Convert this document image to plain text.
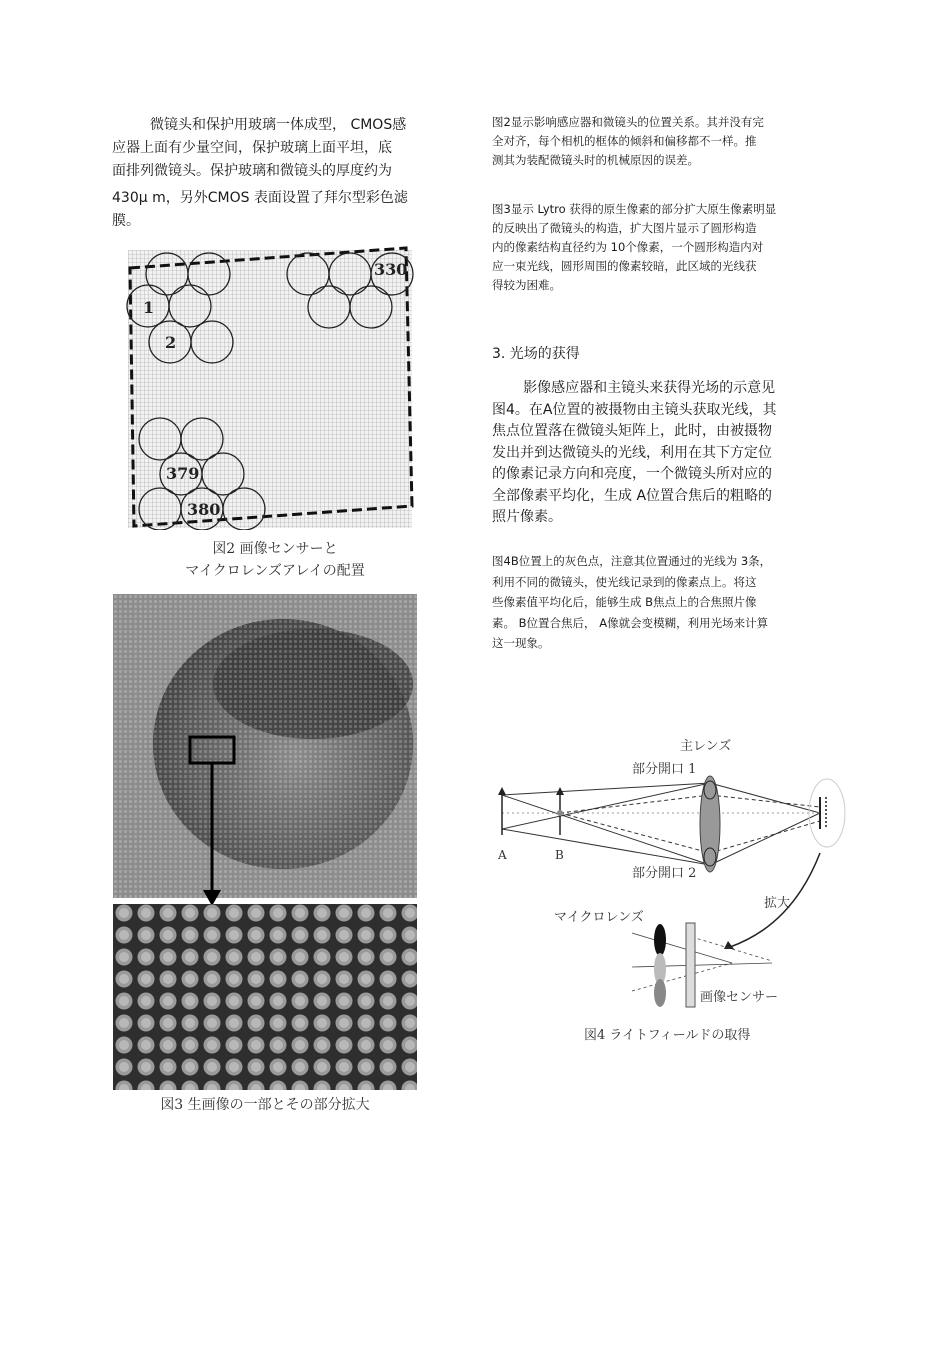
微镜头和保护用玻璃一体成型， CMOS感
应器上面有少量空间，保护玻璃上面平坦，底
面排列微镜头。保护玻璃和微镜头的厚度约为
430μ m，另外CMOS 表面设置了拜尔型彩色滤
膜。
1
2
330
379
380
図2 画像センサーと
マイクロレンズアレイの配置
図3 生画像の一部とその部分拡大
图2显示影响感应器和微镜头的位置关系。其并没有完
全对齐，每个相机的框体的倾斜和偏移都不一样。推
测其为装配微镜头时的机械原因的误差。
图3显示 Lytro 获得的原生像素的部分扩大原生像素明显
的反映出了微镜头的构造，扩大图片显示了圆形构造
内的像素结构直径约为 10个像素，一个圆形构造内对
应一束光线，圆形周围的像素较暗，此区域的光线获
得较为困难。
3. 光场的获得
影像感应器和主镜头来获得光场的示意见
图4。在A位置的被摄物由主镜头获取光线，其
焦点位置落在微镜头矩阵上，此时，由被摄物
发出并到达微镜头的光线，利用在其下方定位
的像素记录方向和亮度，一个微镜头所对应的
全部像素平均化，生成 A位置合焦后的粗略的
照片像素。
图4B位置上的灰色点，注意其位置通过的光线为 3条，
利用不同的微镜头，使光线记录到的像素点上。将这
些像素值平均化后，能够生成 B焦点上的合焦照片像
素。 B位置合焦后， A像就会变模糊，利用光场来计算
这一现象。
主レンズ
部分開口 1
部分開口 2
A	B
拡大
マイクロレンズ
画像センサー
図4 ライトフィールドの取得
